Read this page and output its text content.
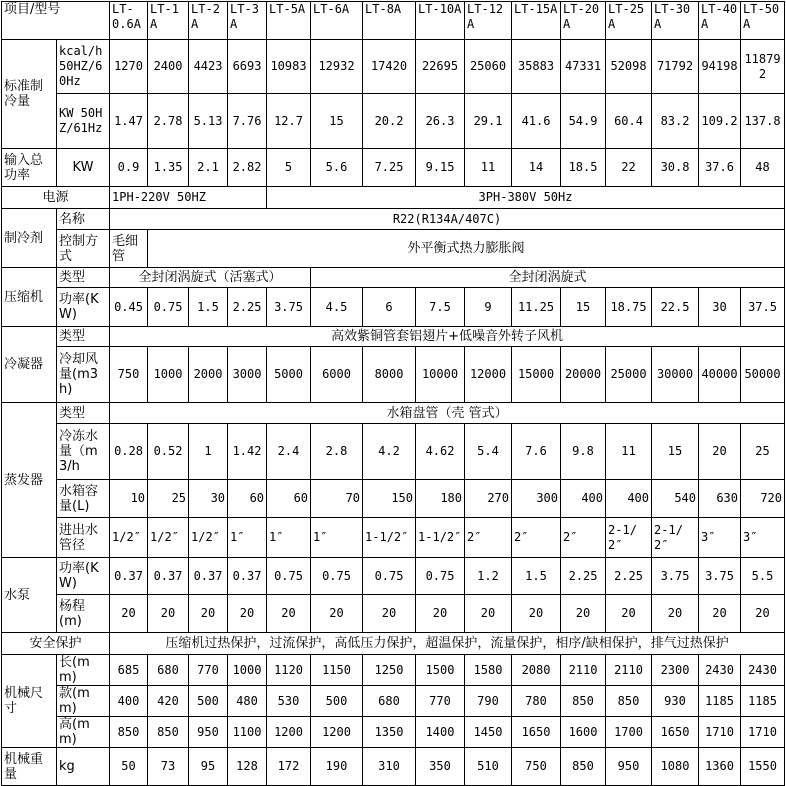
项目/型号		LT-0.6A	LT-1A	LT-2A	LT-3A	LT-5A	LT-6A	LT-8A	LT-10A	LT-12A	LT-15A	LT-20A	LT-25A	LT-30A	LT-40A	LT-50A
标准制冷量	kcal/h50HZ/60Hz	1270	2400	4423	6693	10983	12932	17420	22695	25060	35883	47331	52098	71792	94198	118792
	KW 50HZ/61Hz	1.47	2.78	5.13	7.76	12.7	15	20.2	26.3	29.1	41.6	54.9	60.4	83.2	109.2	137.8
输入总功率	KW	0.9	1.35	2.1	2.82	5	5.6	7.25	9.15	11	14	18.5	22	30.8	37.6	48
电源		1PH-220V 50HZ				3PH-380V 50Hz										
制冷剂	名称	R22(R134A/407C)														
	控制方式	毛细管	外平衡式热力膨胀阀													
压缩机	类型	全封闭涡旋式（活塞式）					全封闭涡旋式									
	功率(KW)	0.45	0.75	1.5	2.25	3.75	4.5	6	7.5	9	11.25	15	18.75	22.5	30	37.5
冷凝器	类型	高效紫铜管套铝翅片+低噪音外转子风机														
	冷却风量(m3h)	750	1000	2000	3000	5000	6000	8000	10000	12000	15000	20000	25000	30000	40000	50000
蒸发器	类型	水箱盘管（壳 管式）														
	冷冻水量（m3/h	0.28	0.52	1	1.42	2.4	2.8	4.2	4.62	5.4	7.6	9.8	11	15	20	25
	水箱容量(L)	10	25	30	60	60	70	150	180	270	300	400	400	540	630	720
	进出水管径	1/2″	1/2″	1/2″	1″	1″	1″	1-1/2″	1-1/2″	2″	2″	2″	2-1/2″	2-1/2″	3″	3″
水泵	功率(KW)	0.37	0.37	0.37	0.37	0.75	0.75	0.75	0.75	1.2	1.5	2.25	2.25	3.75	3.75	5.5
	杨程(m)	20	20	20	20	20	20	20	20	20	20	20	20	20	20	20
安全保护		压缩机过热保护，过流保护，高低压力保护，超温保护，流量保护，相序/缺相保护，排气过热保护														
机械尺寸	长(mm)	685	680	770	1000	1120	1150	1250	1500	1580	2080	2110	2110	2300	2430	2430
	款(mm)	400	420	500	480	530	500	680	770	790	780	850	850	930	1185	1185
	高(mm)	850	850	950	1100	1200	1200	1350	1400	1450	1650	1600	1700	1650	1710	1710
机械重量	kg	50	73	95	128	172	190	310	350	510	750	850	950	1080	1360	1550
